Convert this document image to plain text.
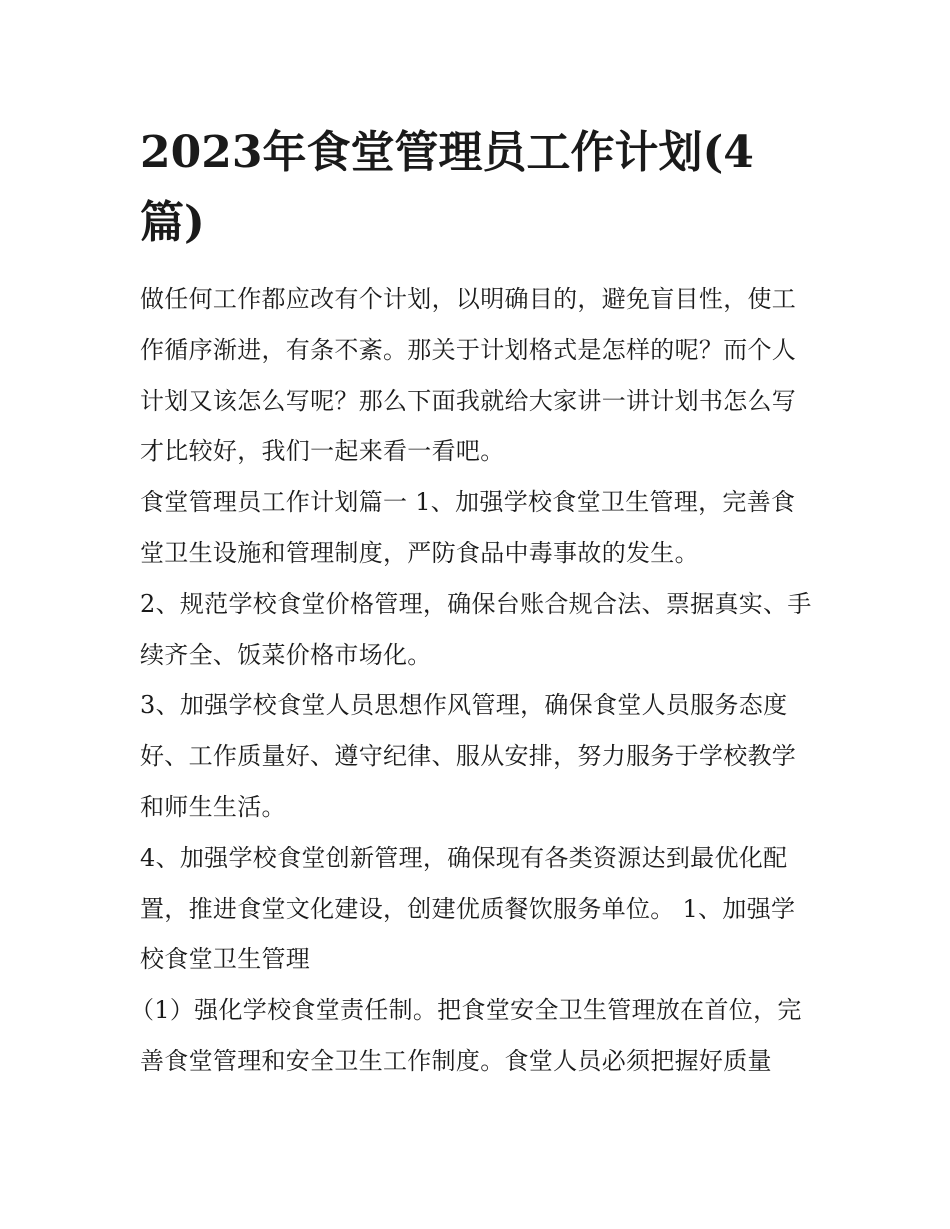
2023年食堂管理员工作计划(4篇)

做任何工作都应改有个计划，以明确目的，避免盲目性，使工作循序渐进，有条不紊。那关于计划格式是怎样的呢？而个人计划又该怎么写呢？那么下面我就给大家讲一讲计划书怎么写才比较好，我们一起来看一看吧。

食堂管理员工作计划篇一 1、加强学校食堂卫生管理，完善食堂卫生设施和管理制度，严防食品中毒事故的发生。

2、规范学校食堂价格管理，确保台账合规合法、票据真实、手续齐全、饭菜价格市场化。

3、加强学校食堂人员思想作风管理，确保食堂人员服务态度好、工作质量好、遵守纪律、服从安排，努力服务于学校教学和师生生活。

4、加强学校食堂创新管理，确保现有各类资源达到最优化配置，推进食堂文化建设，创建优质餐饮服务单位。 1、加强学校食堂卫生管理

（1）强化学校食堂责任制。把食堂安全卫生管理放在首位，完善食堂管理和安全卫生工作制度。食堂人员必须把握好质量
